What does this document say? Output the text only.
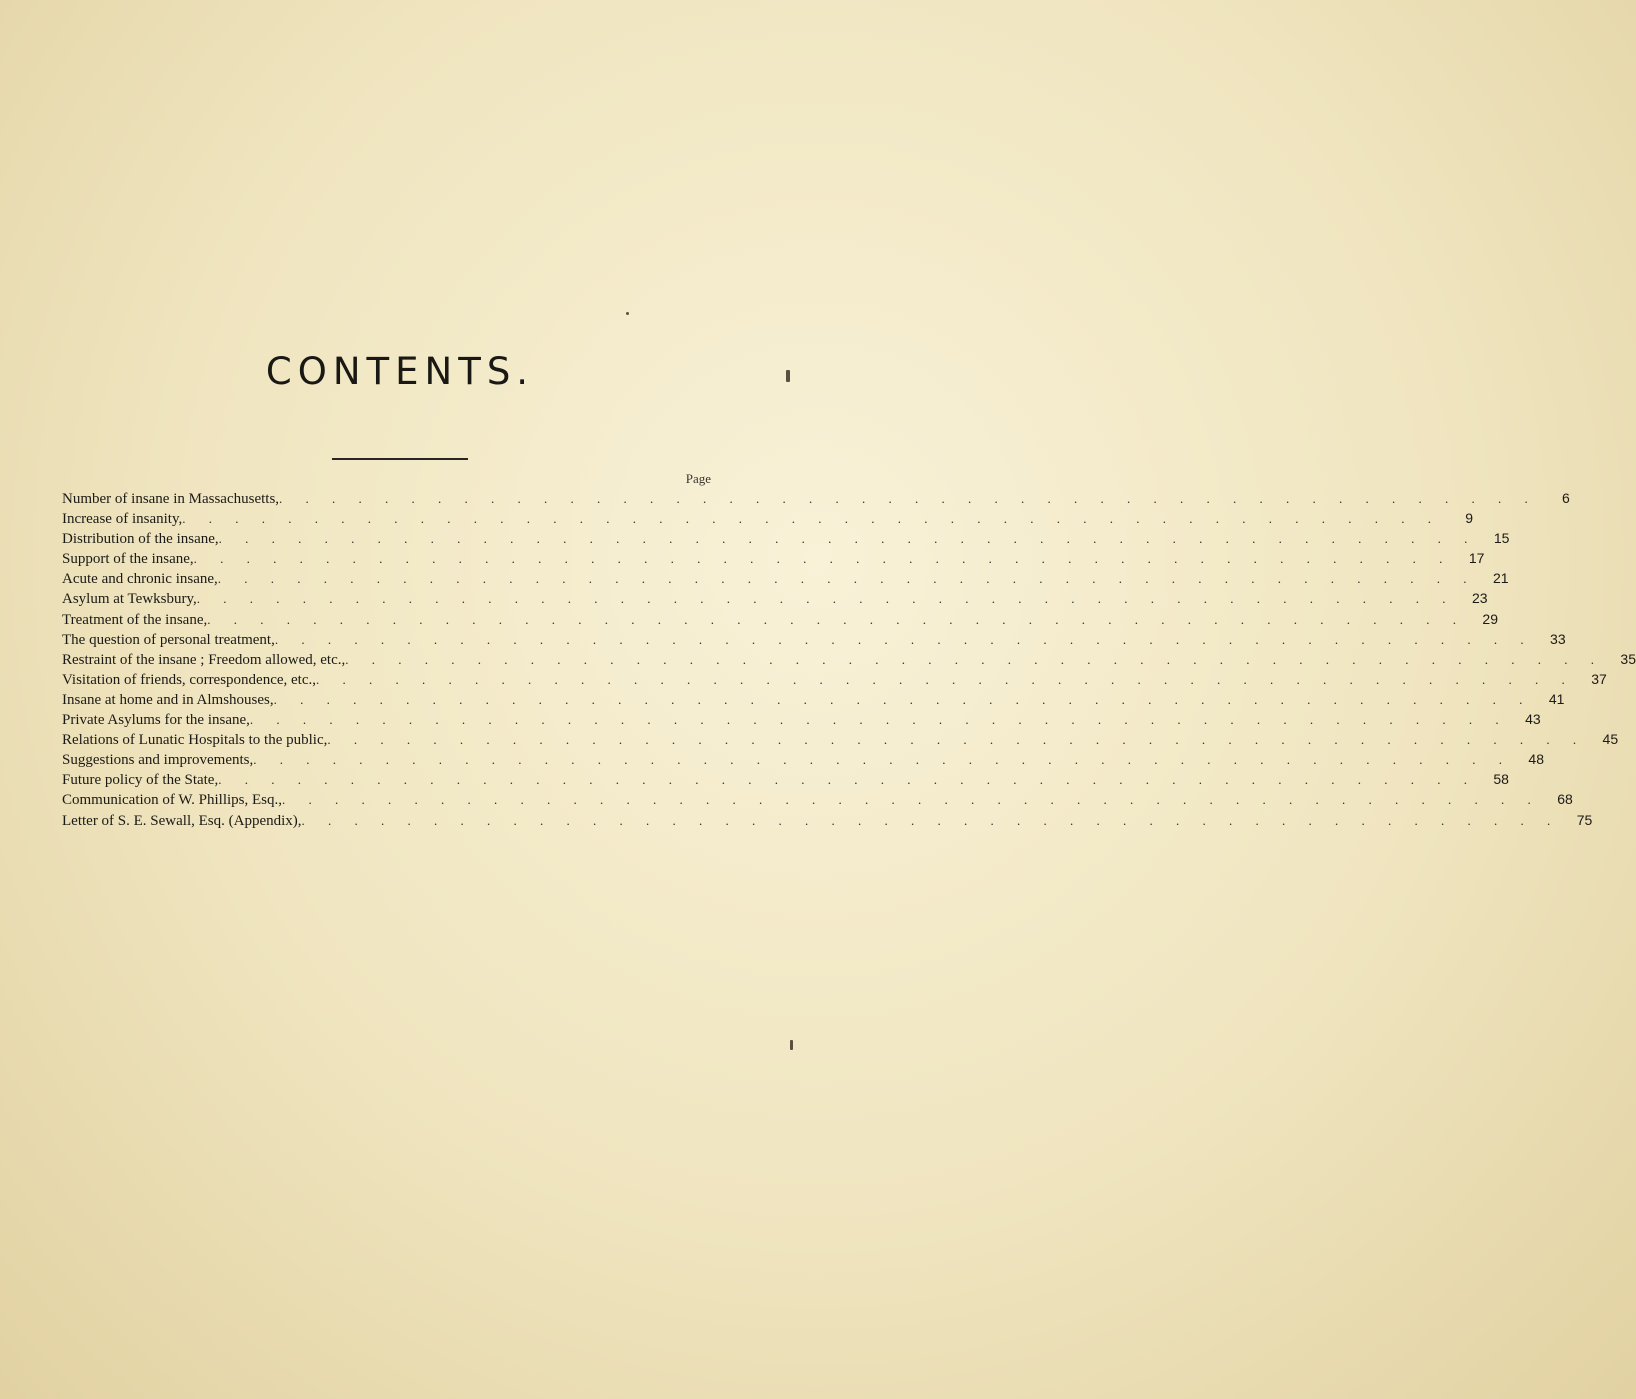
CONTENTS.
Page
Number of insane in Massachusetts, . . . . . . . . . . . . . . . . . . . . . . . . . . . . . . . . . . . . . . . . . . . . . . . .	6
Increase of insanity, . . . . . . . . . . . . . . . . . . . . . . . . . . . . . . . . . . . . . . . . . . . . . . . .	9
Distribution of the insane, . . . . . . . . . . . . . . . . . . . . . . . . . . . . . . . . . . . . . . . . . . . . . . . .	15
Support of the insane, . . . . . . . . . . . . . . . . . . . . . . . . . . . . . . . . . . . . . . . . . . . . . . . .	17
Acute and chronic insane, . . . . . . . . . . . . . . . . . . . . . . . . . . . . . . . . . . . . . . . . . . . . . . . .	21
Asylum at Tewksbury, . . . . . . . . . . . . . . . . . . . . . . . . . . . . . . . . . . . . . . . . . . . . . . . .	23
Treatment of the insane, . . . . . . . . . . . . . . . . . . . . . . . . . . . . . . . . . . . . . . . . . . . . . . . .	29
The question of personal treatment, . . . . . . . . . . . . . . . . . . . . . . . . . . . . . . . . . . . . . . . . . . . . . . . .	33
Restraint of the insane ; Freedom allowed, etc., . . . . . . . . . . . . . . . . . . . . . . . . . . . . . . . . . . . . . . . . . . . . . . . .	35
Visitation of friends, correspondence, etc., . . . . . . . . . . . . . . . . . . . . . . . . . . . . . . . . . . . . . . . . . . . . . . . .	37
Insane at home and in Almshouses, . . . . . . . . . . . . . . . . . . . . . . . . . . . . . . . . . . . . . . . . . . . . . . . .	41
Private Asylums for the insane, . . . . . . . . . . . . . . . . . . . . . . . . . . . . . . . . . . . . . . . . . . . . . . . .	43
Relations of Lunatic Hospitals to the public, . . . . . . . . . . . . . . . . . . . . . . . . . . . . . . . . . . . . . . . . . . . . . . . .	45
Suggestions and improvements, . . . . . . . . . . . . . . . . . . . . . . . . . . . . . . . . . . . . . . . . . . . . . . . .	48
Future policy of the State, . . . . . . . . . . . . . . . . . . . . . . . . . . . . . . . . . . . . . . . . . . . . . . . .	58
Communication of W. Phillips, Esq., . . . . . . . . . . . . . . . . . . . . . . . . . . . . . . . . . . . . . . . . . . . . . . . .	68
Letter of S. E. Sewall, Esq. (Appendix), . . . . . . . . . . . . . . . . . . . . . . . . . . . . . . . . . . . . . . . . . . . . . . . .	75
